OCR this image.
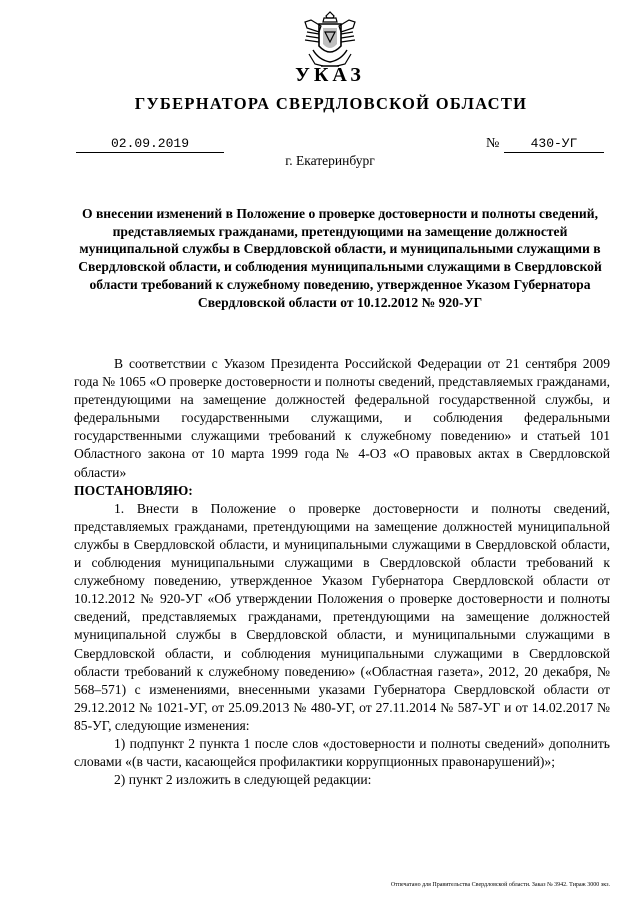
УКАЗ
ГУБЕРНАТОРА СВЕРДЛОВСКОЙ ОБЛАСТИ
02.09.2019	№	430-УГ
г. Екатеринбург
О внесении изменений в Положение о проверке достоверности и полноты сведений, представляемых гражданами, претендующими на замещение должностей муниципальной службы в Свердловской области, и муниципальными служащими в Свердловской области, и соблюдения муниципальными служащими в Свердловской области требований к служебному поведению, утвержденное Указом Губернатора Свердловской области от 10.12.2012 № 920-УГ

В соответствии с Указом Президента Российской Федерации от 21 сентября 2009 года № 1065 «О проверке достоверности и полноты сведений, представляемых гражданами, претендующими на замещение должностей федеральной государственной службы, и федеральными государственными служащими, и соблюдения федеральными государственными служащими требований к служебному поведению» и статьей 101 Областного закона от 10 марта 1999 года № 4-ОЗ «О правовых актах в Свердловской области»

ПОСТАНОВЛЯЮ:

1. Внести в Положение о проверке достоверности и полноты сведений, представляемых гражданами, претендующими на замещение должностей муниципальной службы в Свердловской области, и муниципальными служащими в Свердловской области, и соблюдения муниципальными служащими в Свердловской области требований к служебному поведению, утвержденное Указом Губернатора Свердловской области от 10.12.2012 № 920-УГ «Об утверждении Положения о проверке достоверности и полноты сведений, представляемых гражданами, претендующими на замещение должностей муниципальной службы в Свердловской области, и муниципальными служащими в Свердловской области, и соблюдения муниципальными служащими в Свердловской области требований к служебному поведению» («Областная газета», 2012, 20 декабря, № 568–571) с изменениями, внесенными указами Губернатора Свердловской области от 29.12.2012 № 1021-УГ, от 25.09.2013 № 480-УГ, от 27.11.2014 № 587-УГ и от 14.02.2017 № 85-УГ, следующие изменения:

1) подпункт 2 пункта 1 после слов «достоверности и полноты сведений» дополнить словами «(в части, касающейся профилактики коррупционных правонарушений)»;

2) пункт 2 изложить в следующей редакции:

Отпечатано для Правительства Свердловской области. Заказ № 3942. Тираж 3000 экз.
